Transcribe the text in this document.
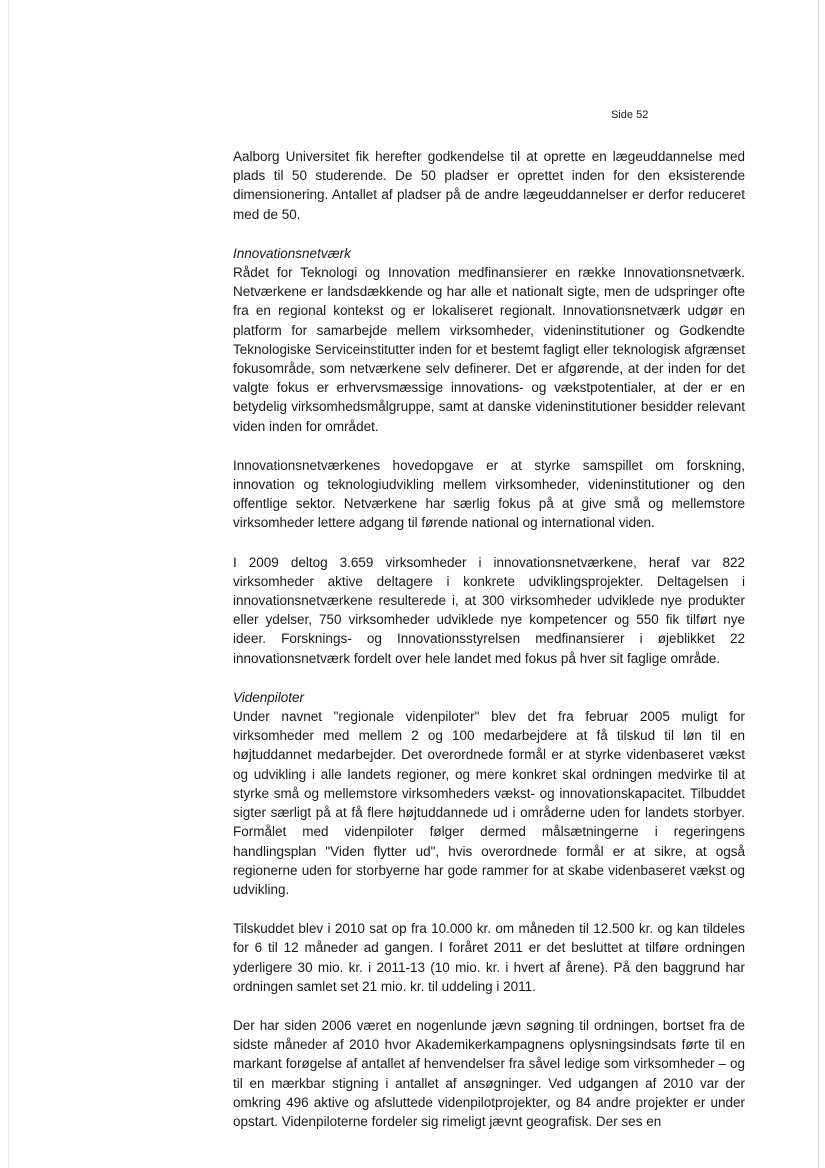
Side 52

Aalborg Universitet fik herefter godkendelse til at oprette en lægeuddannelse med plads til 50 studerende. De 50 pladser er oprettet inden for den eksisterende dimensionering. Antallet af pladser på de andre lægeuddannelser er derfor reduceret med de 50.

Innovationsnetværk

Rådet for Teknologi og Innovation medfinansierer en række Innovationsnetværk. Netværkene er landsdækkende og har alle et nationalt sigte, men de udspringer ofte fra en regional kontekst og er lokaliseret regionalt. Innovationsnetværk udgør en platform for samarbejde mellem virksomheder, videninstitutioner og Godkendte Teknologiske Serviceinstitutter inden for et bestemt fagligt eller teknologisk afgrænset fokusområde, som netværkene selv definerer. Det er afgørende, at der inden for det valgte fokus er erhvervsmæssige innovations- og vækstpotentialer, at der er en betydelig virksomhedsmålgruppe, samt at danske videninstitutioner besidder relevant viden inden for området.

Innovationsnetværkenes hovedopgave er at styrke samspillet om forskning, innovation og teknologiudvikling mellem virksomheder, videninstitutioner og den offentlige sektor. Netværkene har særlig fokus på at give små og mellemstore virksomheder lettere adgang til førende national og international viden.

I 2009 deltog 3.659 virksomheder i innovationsnetværkene, heraf var 822 virksomheder aktive deltagere i konkrete udviklingsprojekter. Deltagelsen i innovationsnetværkene resulterede i, at 300 virksomheder udviklede nye produkter eller ydelser, 750 virksomheder udviklede nye kompetencer og 550 fik tilført nye ideer. Forsknings- og Innovationsstyrelsen medfinansierer i øjeblikket 22 innovationsnetværk fordelt over hele landet med fokus på hver sit faglige område.

Videnpiloter

Under navnet "regionale videnpiloter" blev det fra februar 2005 muligt for virksomheder med mellem 2 og 100 medarbejdere at få tilskud til løn til en højtuddannet medarbejder. Det overordnede formål er at styrke videnbaseret vækst og udvikling i alle landets regioner, og mere konkret skal ordningen medvirke til at styrke små og mellemstore virksomheders vækst- og innovationskapacitet. Tilbuddet sigter særligt på at få flere højtuddannede ud i områderne uden for landets storbyer. Formålet med videnpiloter følger dermed målsætningerne i regeringens handlingsplan "Viden flytter ud", hvis overordnede formål er at sikre, at også regionerne uden for storbyerne har gode rammer for at skabe videnbaseret vækst og udvikling.

Tilskuddet blev i 2010 sat op fra 10.000 kr. om måneden til 12.500 kr. og kan tildeles for 6 til 12 måneder ad gangen. I foråret 2011 er det besluttet at tilføre ordningen yderligere 30 mio. kr. i 2011-13 (10 mio. kr. i hvert af årene). På den baggrund har ordningen samlet set 21 mio. kr. til uddeling i 2011.

Der har siden 2006 været en nogenlunde jævn søgning til ordningen, bortset fra de sidste måneder af 2010 hvor Akademikerkampagnens oplysningsindsats førte til en markant forøgelse af antallet af henvendelser fra såvel ledige som virksomheder – og til en mærkbar stigning i antallet af ansøgninger. Ved udgangen af 2010 var der omkring 496 aktive og afsluttede videnpilotprojekter, og 84 andre projekter er under opstart. Videnpiloterne fordeler sig rimeligt jævnt geografisk. Der ses en
